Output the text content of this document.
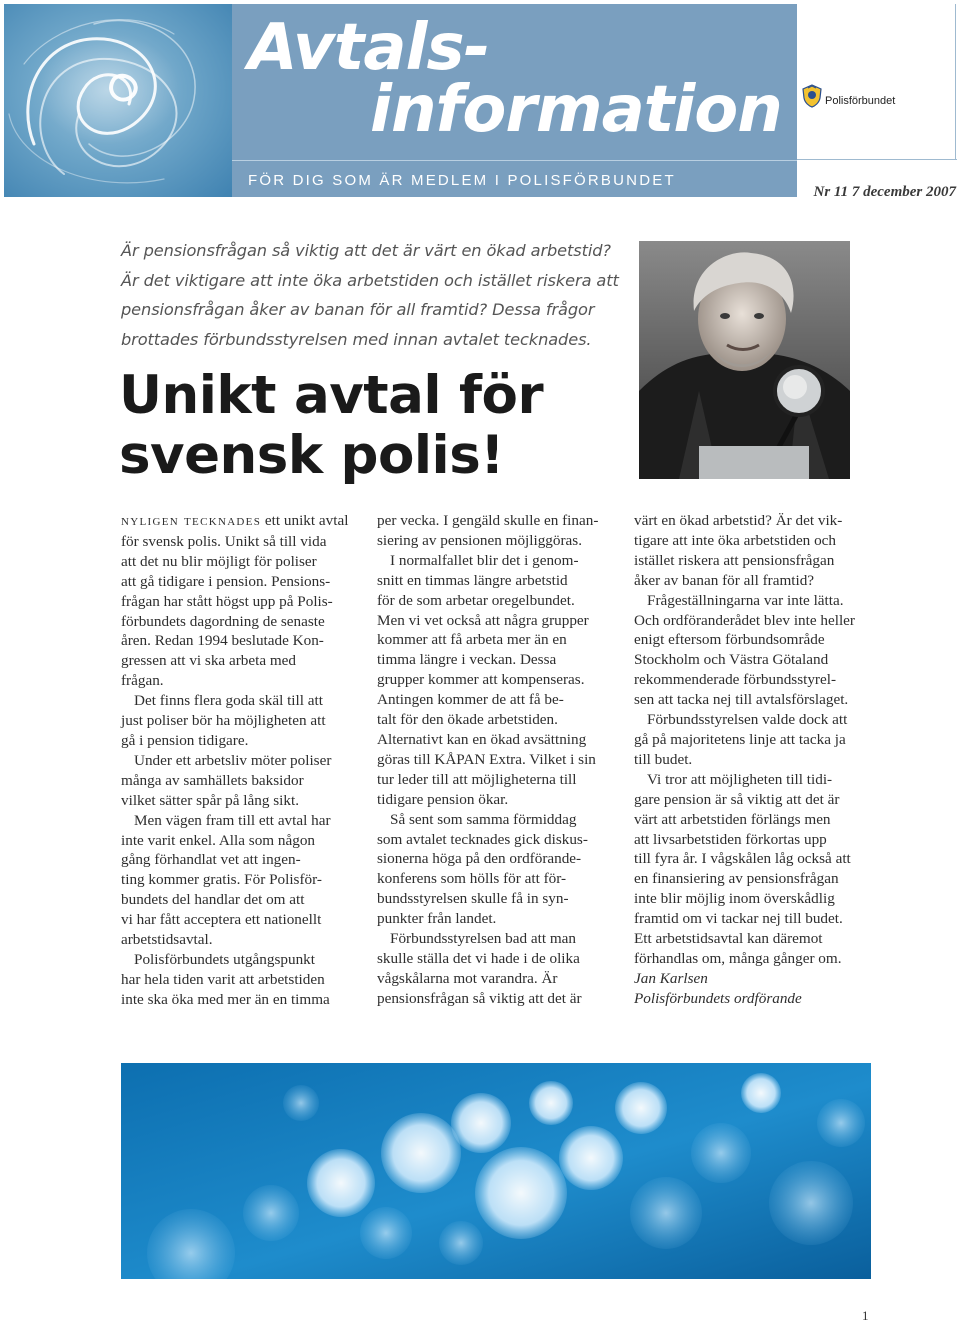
Avtals-
information
FÖR DIG SOM ÄR MEDLEM I POLISFÖRBUNDET
Polisförbundet
Nr 11 7 december 2007
Är pensionsfrågan så viktig att det är värt en ökad arbetstid?
Är det viktigare att inte öka arbetstiden och istället riskera att
pensionsfrågan åker av banan för all framtid? Dessa frågor
brottades förbundsstyrelsen med innan avtalet tecknades.
Unikt avtal för
svensk polis!
nyligen tecknades ett unikt avtal
för svensk polis. Unikt så till vida
att det nu blir möjligt för poliser
att gå tidigare i pension. Pensions-
frågan har stått högst upp på Polis-
förbundets dagordning de senaste
åren. Redan 1994 beslutade Kon-
gressen att vi ska arbeta med
frågan.
Det finns flera goda skäl till att
just poliser bör ha möjligheten att
gå i pension tidigare.
Under ett arbetsliv möter poliser
många av samhällets baksidor
vilket sätter spår på lång sikt.
Men vägen fram till ett avtal har
inte varit enkel. Alla som någon
gång förhandlat vet att ingen-
ting kommer gratis. För Polisför-
bundets del handlar det om att
vi har fått acceptera ett nationellt
arbetstidsavtal.
Polisförbundets utgångspunkt
har hela tiden varit att arbetstiden
inte ska öka med mer än en timma
per vecka. I gengäld skulle en finan-
siering av pensionen möjliggöras.
I normalfallet blir det i genom-
snitt en timmas längre arbetstid
för de som arbetar oregelbundet.
Men vi vet också att några grupper
kommer att få arbeta mer än en
timma längre i veckan. Dessa
grupper kommer att kompenseras.
Antingen kommer de att få be-
talt för den ökade arbetstiden.
Alternativt kan en ökad avsättning
göras till KÅPAN Extra. Vilket i sin
tur leder till att möjligheterna till
tidigare pension ökar.
Så sent som samma förmiddag
som avtalet tecknades gick diskus-
sionerna höga på den ordförande-
konferens som hölls för att för-
bundsstyrelsen skulle få in syn-
punkter från landet.
Förbundsstyrelsen bad att man
skulle ställa det vi hade i de olika
vågskålarna mot varandra. Är
pensionsfrågan så viktig att det är
värt en ökad arbetstid? Är det vik-
tigare att inte öka arbetstiden och
istället riskera att pensionsfrågan
åker av banan för all framtid?
Frågeställningarna var inte lätta.
Och ordföranderådet blev inte heller
enigt eftersom förbundsområde
Stockholm och Västra Götaland
rekommenderade förbundsstyrel-
sen att tacka nej till avtalsförslaget.
Förbundsstyrelsen valde dock att
gå på majoritetens linje att tacka ja
till budet.
Vi tror att möjligheten till tidi-
gare pension är så viktig att det är
värt att arbetstiden förlängs men
att livsarbetstiden förkortas upp
till fyra år. I vågskålen låg också att
en finansiering av pensionsfrågan
inte blir möjlig inom överskådlig
framtid om vi tackar nej till budet.
Ett arbetstidsavtal kan däremot
förhandlas om, många gånger om.
Jan Karlsen
Polisförbundets ordförande
1
